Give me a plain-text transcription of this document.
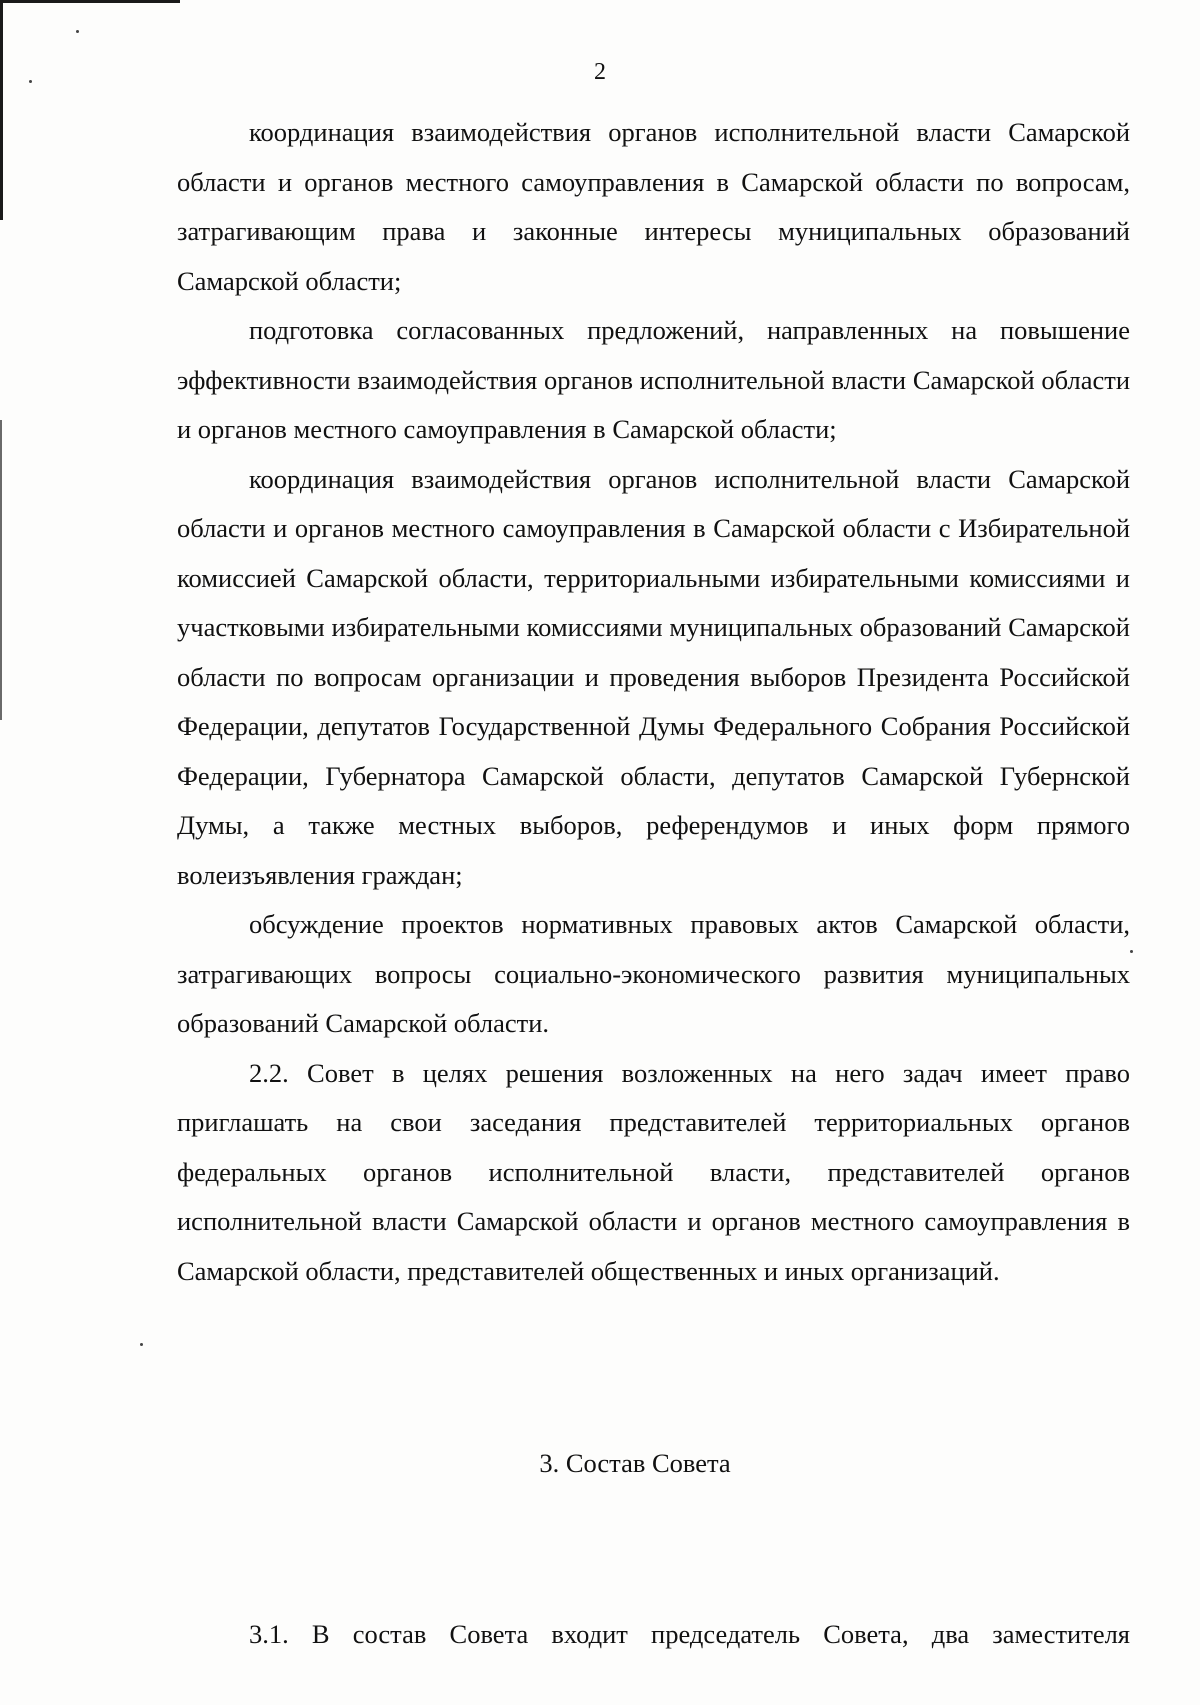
2

координация взаимодействия органов исполнительной власти Самарской области и органов местного самоуправления в Самарской области по вопросам, затрагивающим права и законные интересы муниципальных образований Самарской области;

подготовка согласованных предложений, направленных на повышение эффективности взаимодействия органов исполнительной власти Самарской области и органов местного самоуправления в Самарской области;

координация взаимодействия органов исполнительной власти Самарской области и органов местного самоуправления в Самарской области с Избирательной комиссией Самарской области, территориальными избирательными комиссиями и участковыми избирательными комиссиями муниципальных образований Самарской области по вопросам организации и проведения выборов Президента Российской Федерации, депутатов Государственной Думы Федерального Собрания Российской Федерации, Губернатора Самарской области, депутатов Самарской Губернской Думы, а также местных выборов, референдумов и иных форм прямого волеизъявления граждан;

обсуждение проектов нормативных правовых актов Самарской области, затрагивающих вопросы социально-экономического развития муниципальных образований Самарской области.

2.2. Совет в целях решения возложенных на него задач имеет право приглашать на свои заседания представителей территориальных органов федеральных органов исполнительной власти, представителей органов исполнительной власти Самарской области и органов местного самоуправления в Самарской области, представителей общественных и иных организаций.

3. Состав Совета
3.1. В состав Совета входит председатель Совета, два заместителя
